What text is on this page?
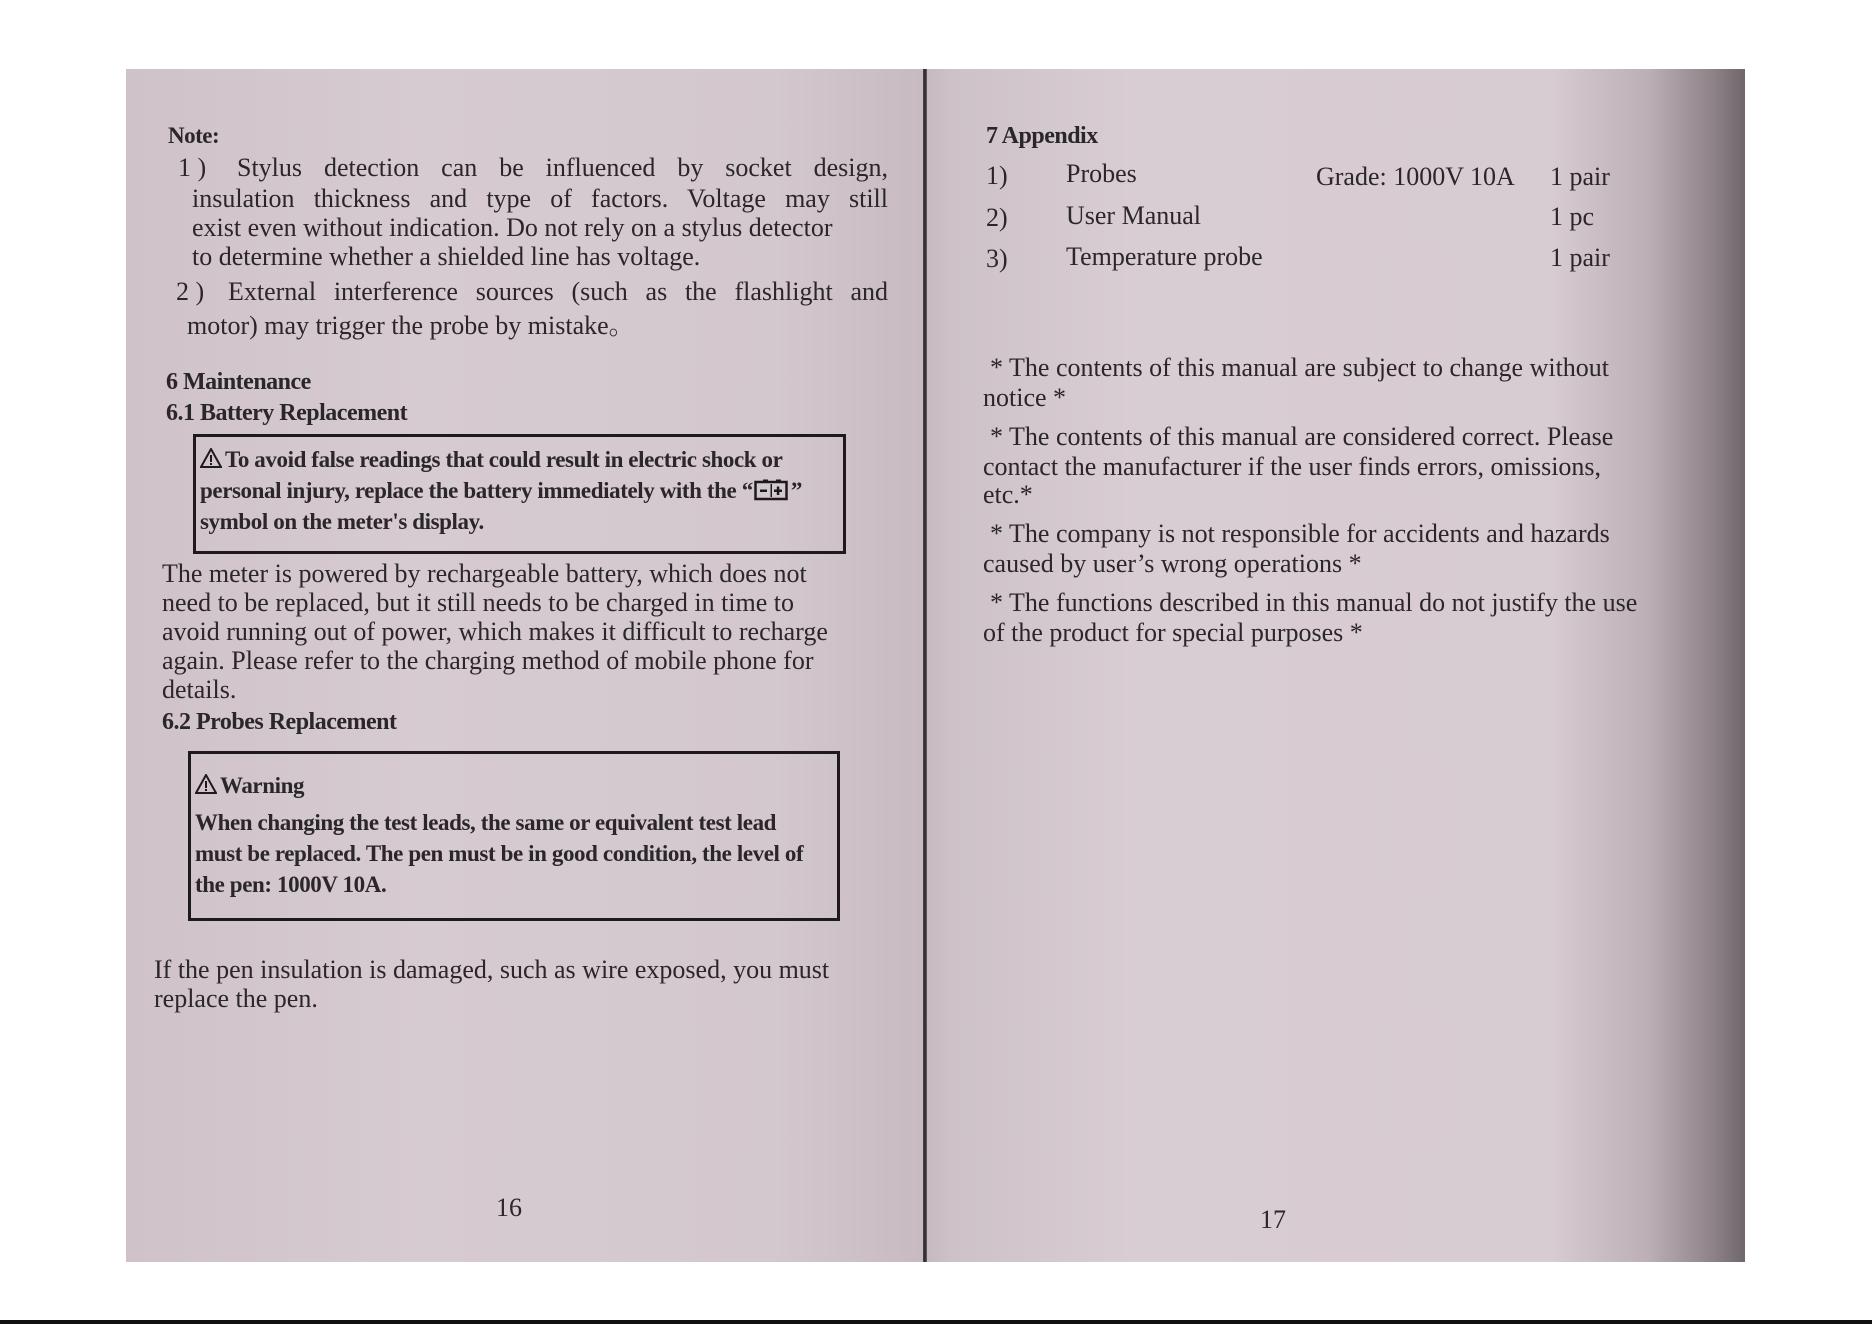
Note:
1 ) Stylus detection can be influenced by socket design,
insulation thickness and type of factors. Voltage may still
exist even without indication. Do not rely on a stylus detector
to determine whether a shielded line has voltage.
2 ) External interference sources (such as the flashlight and
motor) may trigger the probe by mistake。
6 Maintenance
6.1 Battery Replacement
To avoid false readings that could result in electric shock or
personal injury, replace the battery immediately with the “ ”
symbol on the meter's display.
The meter is powered by rechargeable battery, which does not
need to be replaced, but it still needs to be charged in time to
avoid running out of power, which makes it difficult to recharge
again. Please refer to the charging method of mobile phone for
details.
6.2 Probes Replacement
Warning
When changing the test leads, the same or equivalent test lead
must be replaced. The pen must be in good condition, the level of
the pen: 1000V 10A.
If the pen insulation is damaged, such as wire exposed, you must
replace the pen.
16
7 Appendix
1) Probes	Grade: 1000V 10A 1 pair
2) User Manual	1 pc
3) Temperature probe	1 pair
* The contents of this manual are subject to change without
notice *
* The contents of this manual are considered correct. Please
contact the manufacturer if the user finds errors, omissions,
etc.*
* The company is not responsible for accidents and hazards
caused by user’s wrong operations *
* The functions described in this manual do not justify the use
of the product for special purposes *
17
